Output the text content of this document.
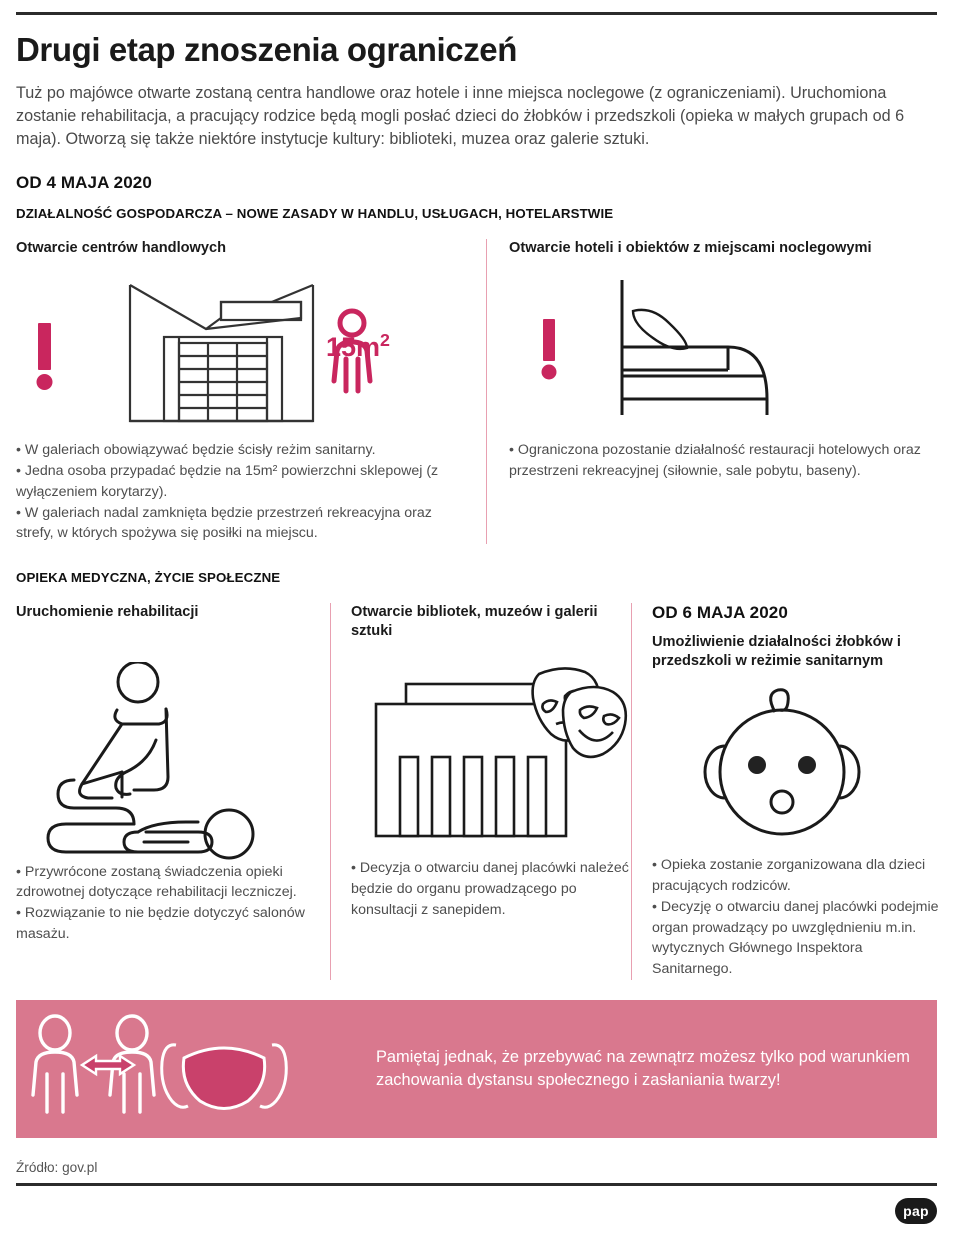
Drugi etap znoszenia ograniczeń

Tuż po majówce otwarte zostaną centra handlowe oraz hotele i inne miejsca noclegowe (z ograniczeniami). Uruchomiona zostanie rehabilitacja, a pracujący rodzice będą mogli posłać dzieci do żłobków i przedszkoli (opieka w małych grupach od 6 maja). Otworzą się także niektóre instytucje kultury: biblioteki, muzea oraz galerie sztuki.

OD 4 MAJA 2020
DZIAŁALNOŚĆ GOSPODARCZA – NOWE ZASADY W HANDLU, USŁUGACH, HOTELARSTWIE
Otwarcie centrów handlowych
$15m^2$

• W galeriach obowiązywać będzie ścisły reżim sanitarny.

• Jedna osoba przypadać będzie na 15m² powierzchni sklepowej (z wyłączeniem korytarzy).

• W galeriach nadal zamknięta będzie przestrzeń rekreacyjna oraz strefy, w których spożywa się posiłki na miejscu.

Otwarcie hoteli i obiektów z miejscami noclegowymi

• Ograniczona pozostanie działalność restauracji hotelowych oraz przestrzeni rekreacyjnej (siłownie, sale pobytu, baseny).

OPIEKA MEDYCZNA, ŻYCIE SPOŁECZNE
Uruchomienie rehabilitacji

• Przywrócone zostaną świadczenia opieki zdrowotnej dotyczące rehabilitacji leczniczej.

• Rozwiązanie to nie będzie dotyczyć salonów masażu.

Otwarcie bibliotek, muzeów i galerii sztuki

• Decyzja o otwarciu danej placówki należeć będzie do organu prowadzącego po konsultacji z sanepidem.

OD 6 MAJA 2020
Umożliwienie działalności żłobków i przedszkoli w reżimie sanitarnym

• Opieka zostanie zorganizowana dla dzieci pracujących rodziców.

• Decyzję o otwarciu danej placówki podejmie organ prowadzący po uwzględnieniu m.in. wytycznych Głównego Inspektora Sanitarnego.

Pamiętaj jednak, że przebywać na zewnątrz możesz tylko pod warunkiem zachowania dystansu społecznego i zasłaniania twarzy!
Źródło: gov.pl
pap
